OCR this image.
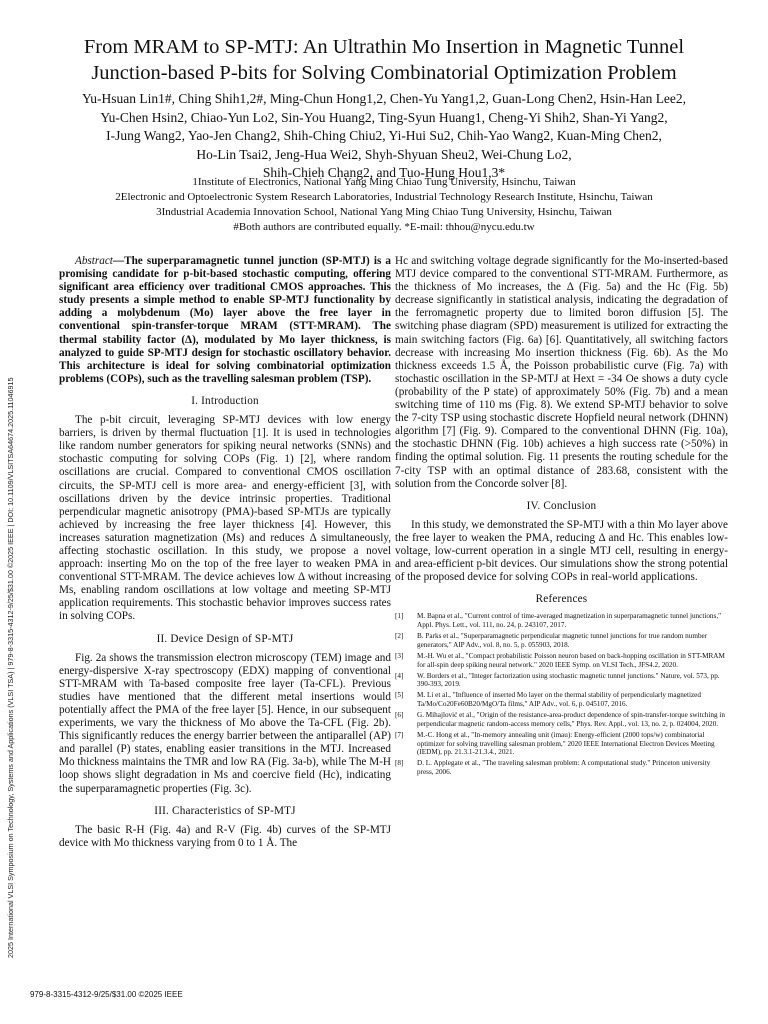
From MRAM to SP-MTJ: An Ultrathin Mo Insertion in Magnetic Tunnel
Junction-based P-bits for Solving Combinatorial Optimization Problem
Yu-Hsuan Lin1#, Ching Shih1,2#, Ming-Chun Hong1,2, Chen-Yu Yang1,2, Guan-Long Chen2, Hsin-Han Lee2,
Yu-Chen Hsin2, Chiao-Yun Lo2, Sin-You Huang2, Ting-Syun Huang1, Cheng-Yi Shih2, Shan-Yi Yang2,
I-Jung Wang2, Yao-Jen Chang2, Shih-Ching Chiu2, Yi-Hui Su2, Chih-Yao Wang2, Kuan-Ming Chen2,
Ho-Lin Tsai2, Jeng-Hua Wei2, Shyh-Shyuan Sheu2, Wei-Chung Lo2,
Shih-Chieh Chang2, and Tuo-Hung Hou1,3*
1Institute of Electronics, National Yang Ming Chiao Tung University, Hsinchu, Taiwan
2Electronic and Optoelectronic System Research Laboratories, Industrial Technology Research Institute, Hsinchu, Taiwan
3Industrial Academia Innovation School, National Yang Ming Chiao Tung University, Hsinchu, Taiwan
#Both authors are contributed equally. *E-mail: thhou@nycu.edu.tw
2025 International VLSI Symposium on Technology, Systems and Applications (VLSI TSA) | 979-8-3315-4312-9/25/$31.00 ©2025 IEEE | DOI: 10.1109/VLSITSA64674.2025.11046915

Abstract—The superparamagnetic tunnel junction (SP-MTJ) is a promising candidate for p-bit-based stochastic computing, offering significant area efficiency over traditional CMOS approaches. This study presents a simple method to enable SP-MTJ functionality by adding a molybdenum (Mo) layer above the free layer in conventional spin-transfer-torque MRAM (STT-MRAM). The thermal stability factor (Δ), modulated by Mo layer thickness, is analyzed to guide SP-MTJ design for stochastic oscillatory behavior. This architecture is ideal for solving combinatorial optimization problems (COPs), such as the travelling salesman problem (TSP).

I. Introduction

The p-bit circuit, leveraging SP-MTJ devices with low energy barriers, is driven by thermal fluctuation [1]. It is used in technologies like random number generators for spiking neural networks (SNNs) and stochastic computing for solving COPs (Fig. 1) [2], where random oscillations are crucial. Compared to conventional CMOS oscillation circuits, the SP-MTJ cell is more area- and energy-efficient [3], with oscillations driven by the device intrinsic properties. Traditional perpendicular magnetic anisotropy (PMA)-based SP-MTJs are typically achieved by increasing the free layer thickness [4]. However, this increases saturation magnetization (Ms) and reduces Δ simultaneously, affecting stochastic oscillation. In this study, we propose a novel approach: inserting Mo on the top of the free layer to weaken PMA in conventional STT-MRAM. The device achieves low Δ without increasing Ms, enabling random oscillations at low voltage and meeting SP-MTJ application requirements. This stochastic behavior improves success rates in solving COPs.

II. Device Design of SP-MTJ

Fig. 2a shows the transmission electron microscopy (TEM) image and energy-dispersive X-ray spectroscopy (EDX) mapping of conventional STT-MRAM with Ta-based composite free layer (Ta-CFL). Previous studies have mentioned that the different metal insertions would potentially affect the PMA of the free layer [5]. Hence, in our subsequent experiments, we vary the thickness of Mo above the Ta-CFL (Fig. 2b). This significantly reduces the energy barrier between the antiparallel (AP) and parallel (P) states, enabling easier transitions in the MTJ. Increased Mo thickness maintains the TMR and low RA (Fig. 3a-b), while The M-H loop shows slight degradation in Ms and coercive field (Hc), indicating the superparamagnetic properties (Fig. 3c).

III. Characteristics of SP-MTJ

The basic R-H (Fig. 4a) and R-V (Fig. 4b) curves of the SP-MTJ device with Mo thickness varying from 0 to 1 Å. The

Hc and switching voltage degrade significantly for the Mo-inserted-based MTJ device compared to the conventional STT-MRAM. Furthermore, as the thickness of Mo increases, the Δ (Fig. 5a) and the Hc (Fig. 5b) decrease significantly in statistical analysis, indicating the degradation of the ferromagnetic property due to limited boron diffusion [5]. The switching phase diagram (SPD) measurement is utilized for extracting the main switching factors (Fig. 6a) [6]. Quantitatively, all switching factors decrease with increasing Mo insertion thickness (Fig. 6b). As the Mo thickness exceeds 1.5 Å, the Poisson probabilistic curve (Fig. 7a) with stochastic oscillation in the SP-MTJ at Hext = -34 Oe shows a duty cycle (probability of the P state) of approximately 50% (Fig. 7b) and a mean switching time of 110 ms (Fig. 8). We extend SP-MTJ behavior to solve the 7-city TSP using stochastic discrete Hopfield neural network (DHNN) algorithm [7] (Fig. 9). Compared to the conventional DHNN (Fig. 10a), the stochastic DHNN (Fig. 10b) achieves a high success rate (>50%) in finding the optimal solution. Fig. 11 presents the routing schedule for the 7-city TSP with an optimal distance of 283.68, consistent with the solution from the Concorde solver [8].

IV. Conclusion

In this study, we demonstrated the SP-MTJ with a thin Mo layer above the free layer to weaken the PMA, reducing Δ and Hc. This enables low-voltage, low-current operation in a single MTJ cell, resulting in energy- and area-efficient p-bit devices. Our simulations show the strong potential of the proposed device for solving COPs in real-world applications.

References
[1]	M. Bapna et al., "Current control of time-averaged magnetization in superparamagnetic tunnel junctions," Appl. Phys. Lett., vol. 111, no. 24, p. 243107, 2017.
[2]	B. Parks et al., "Superparamagnetic perpendicular magnetic tunnel junctions for true random number generators," AIP Adv., vol. 8, no. 5, p. 055903, 2018.
[3]	M.-H. Wu et al., "Compact probabilistic Poisson neuron based on back-hopping oscillation in STT-MRAM for all-spin deep spiking neural network." 2020 IEEE Symp. on VLSI Tech., JFS4.2, 2020.
[4]	W. Borders et al., "Integer factorization using stochastic magnetic tunnel junctions." Nature, vol. 573, pp. 390-393, 2019.
[5]	M. Li et al., "Influence of inserted Mo layer on the thermal stability of perpendicularly magnetized Ta/Mo/Co20Fe60B20/MgO/Ta films," AIP Adv., vol. 6, p. 045107, 2016.
[6]	G. Mihajlović et al., "Origin of the resistance-area-product dependence of spin-transfer-torque switching in perpendicular magnetic random-access memory cells," Phys. Rev. Appl., vol. 13, no. 2, p. 024004, 2020.
[7]	M.-C. Hong et al., "In-memory annealing unit (imau): Energy-efficient (2000 tops/w) combinatorial optimizer for solving travelling salesman problem," 2020 IEEE International Electron Devices Meeting (IEDM), pp. 21.3.1-21.3.4., 2021.
[8]	D. L. Applegate et al., "The traveling salesman problem: A computational study." Princeton university press, 2006.
979-8-3315-4312-9/25/$31.00 ©2025 IEEE
